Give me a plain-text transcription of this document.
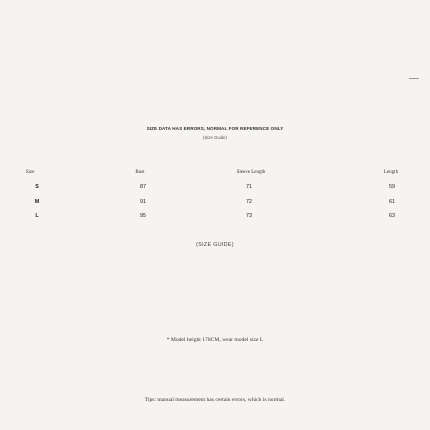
SIZE DATA HAS ERRORS, NORMAL FOR REFERENCE ONLY
(Size Guide)
Size	Bust	Sleeve Length	Length
S	87	71	59
M	91	72	61
L	95	73	63
(SIZE GUIDE)
* Model height 178CM, wear model size L
Tips: manual measurement has certain errors, which is normal.
